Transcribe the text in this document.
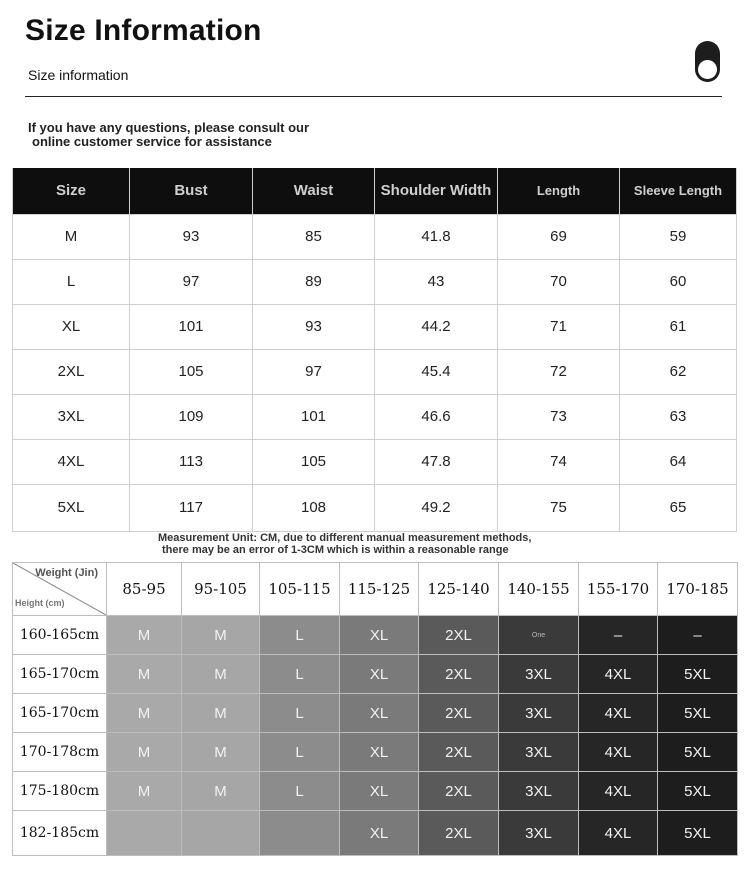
Size Information
Size information
If you have any questions, please consult our
online customer service for assistance
Size	Bust	Waist	Shoulder Width	Length	Sleeve Length
M	93	85	41.8	69	59
L	97	89	43	70	60
XL	101	93	44.2	71	61
2XL	105	97	45.4	72	62
3XL	109	101	46.6	73	63
4XL	113	105	47.8	74	64
5XL	117	108	49.2	75	65
Measurement Unit: CM, due to different manual measurement methods,
there may be an error of 1-3CM which is within a reasonable range
Weight (Jin)
Height (cm)	85-95	95-105	105-115	115-125	125-140	140-155	155-170	170-185
160-165cm	M	M	L	XL	2XL	One	–	–
165-170cm	M	M	L	XL	2XL	3XL	4XL	5XL
165-170cm	M	M	L	XL	2XL	3XL	4XL	5XL
170-178cm	M	M	L	XL	2XL	3XL	4XL	5XL
175-180cm	M	M	L	XL	2XL	3XL	4XL	5XL
182-185cm				XL	2XL	3XL	4XL	5XL
